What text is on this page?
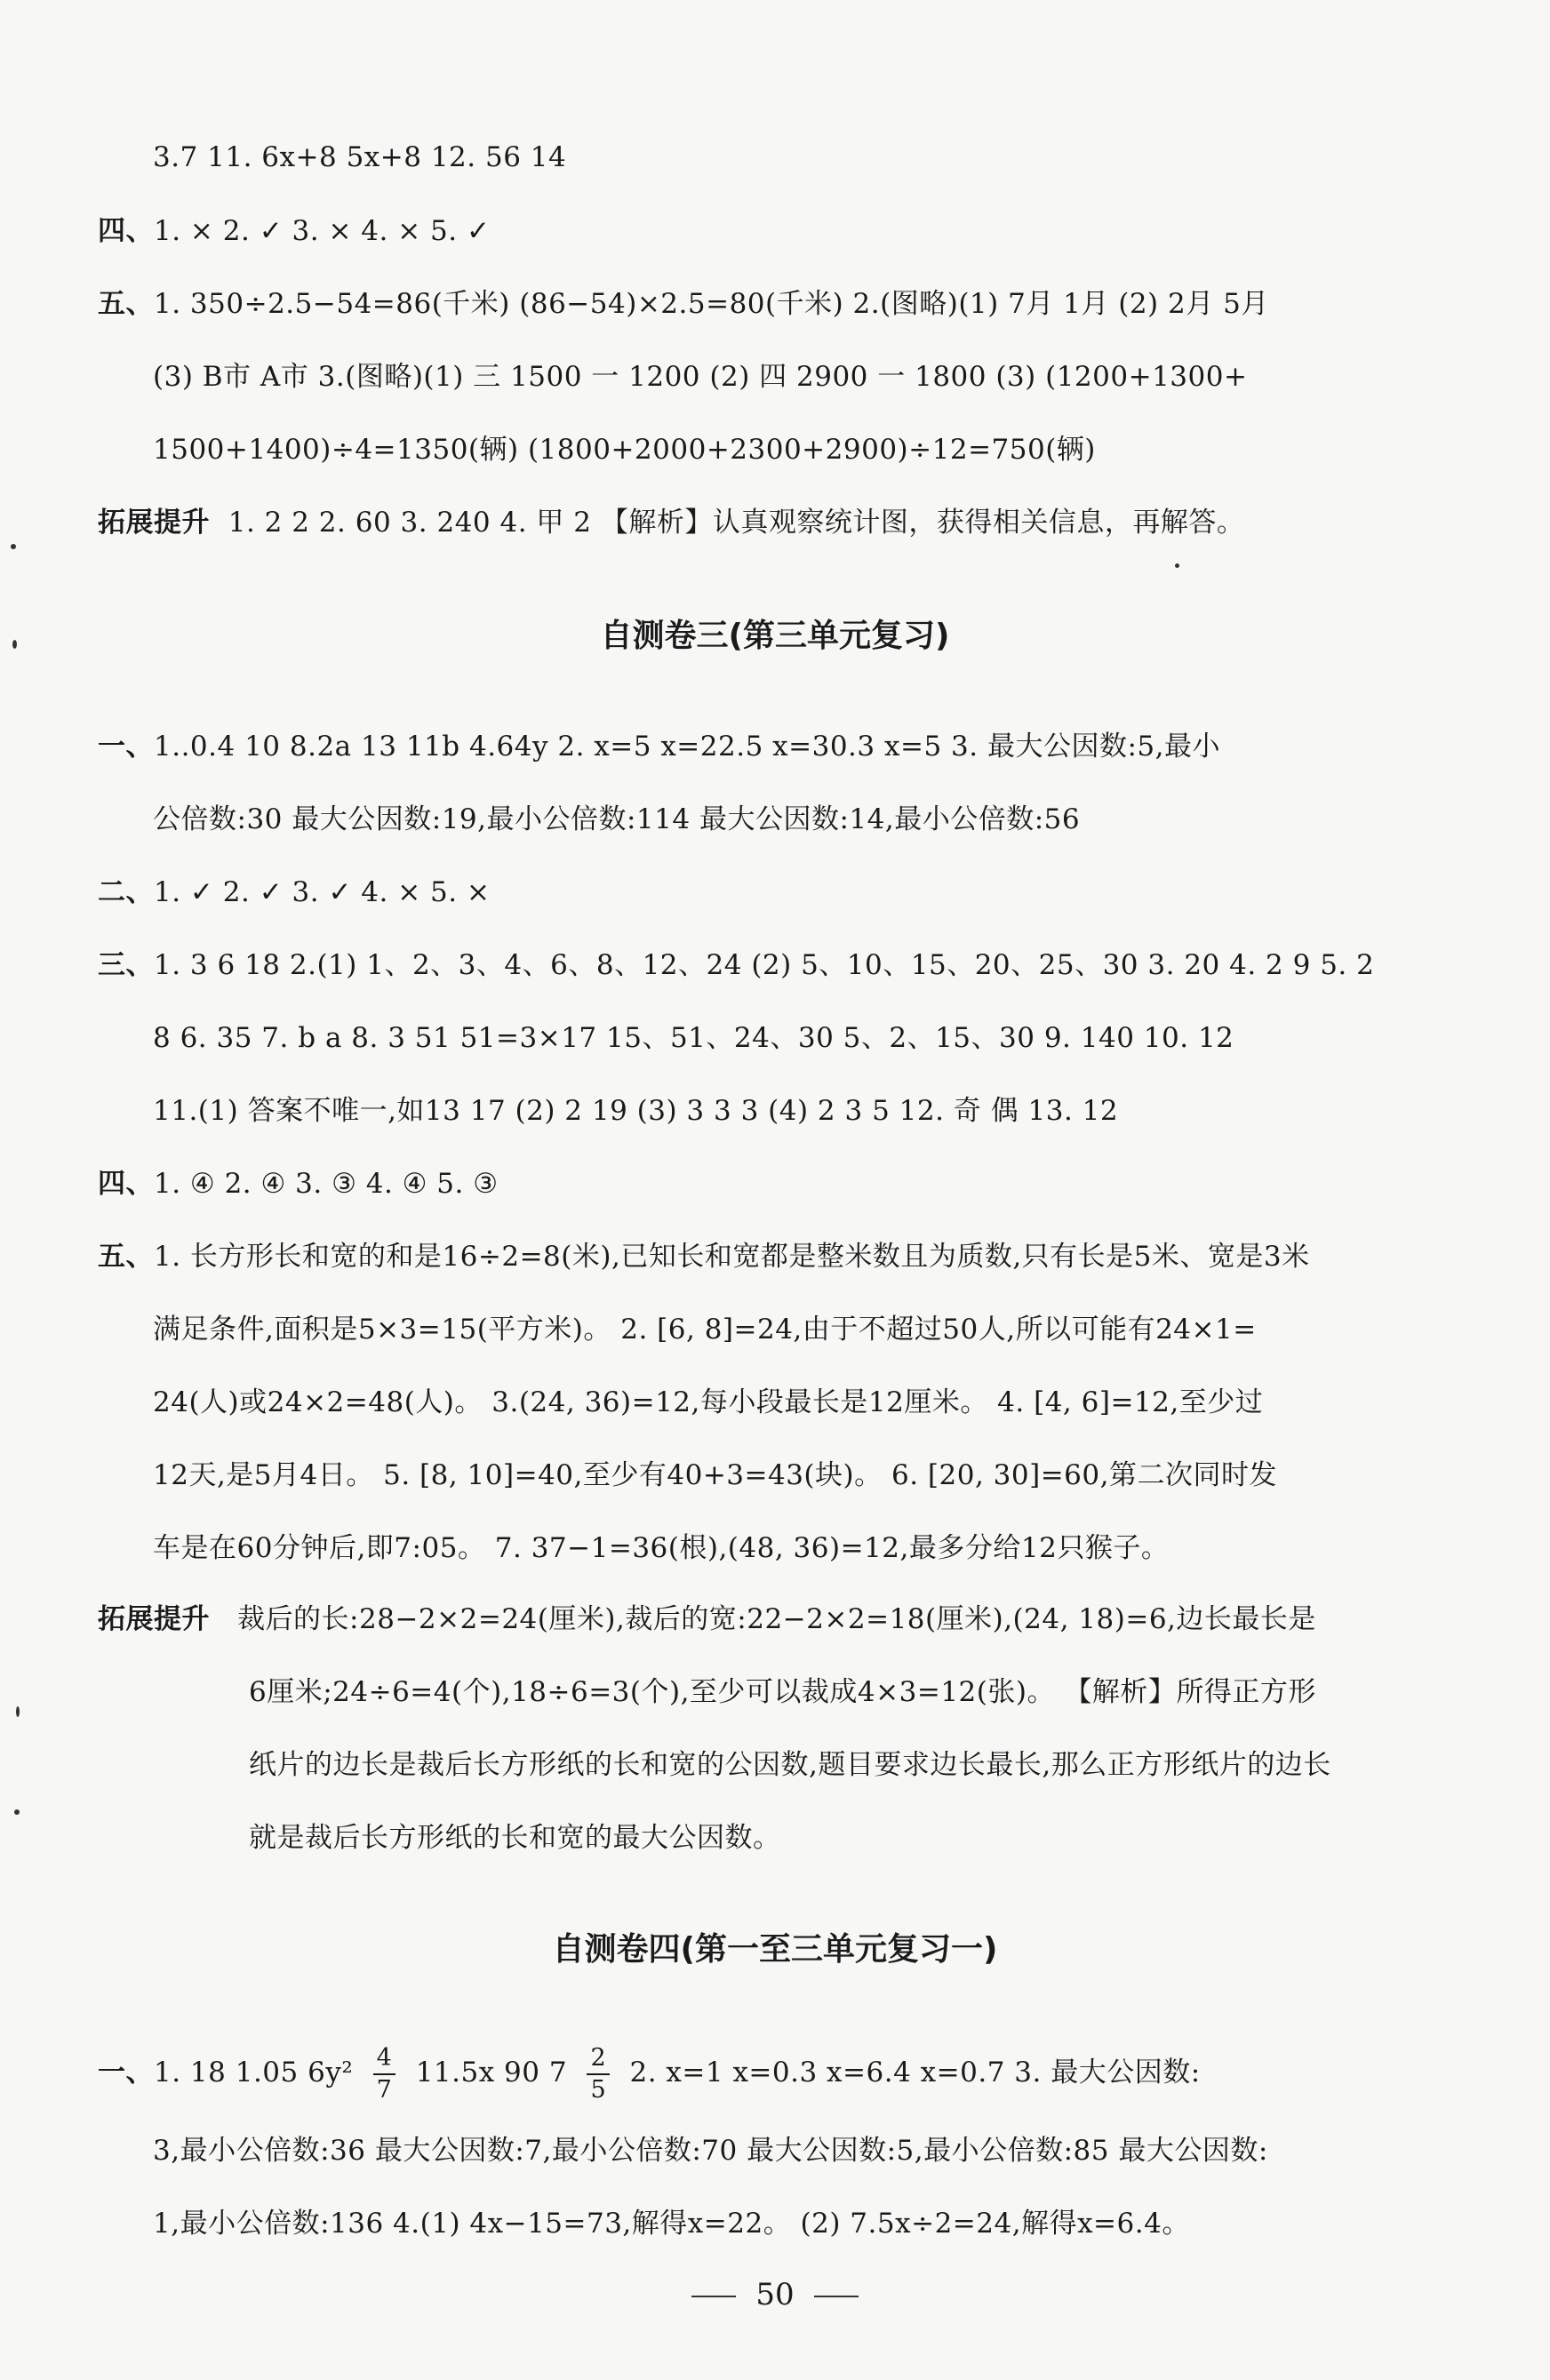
3.7 11. 6x+8 5x+8 12. 56 14
四、1. × 2. ✓ 3. × 4. × 5. ✓
五、1. 350÷2.5−54=86(千米) (86−54)×2.5=80(千米) 2.(图略)(1) 7月 1月 (2) 2月 5月
(3) B市 A市 3.(图略)(1) 三 1500 一 1200 (2) 四 2900 一 1800 (3) (1200+1300+
1500+1400)÷4=1350(辆) (1800+2000+2300+2900)÷12=750(辆)
拓展提升 1. 2 2 2. 60 3. 240 4. 甲 2 【解析】认真观察统计图，获得相关信息，再解答。
自测卷三(第三单元复习)
一、1..0.4 10 8.2a 13 11b 4.64y 2. x=5 x=22.5 x=30.3 x=5 3. 最大公因数:5,最小
公倍数:30 最大公因数:19,最小公倍数:114 最大公因数:14,最小公倍数:56
二、1. ✓ 2. ✓ 3. ✓ 4. × 5. ×
三、1. 3 6 18 2.(1) 1、2、3、4、6、8、12、24 (2) 5、10、15、20、25、30 3. 20 4. 2 9 5. 2
8 6. 35 7. b a 8. 3 51 51=3×17 15、51、24、30 5、2、15、30 9. 140 10. 12
11.(1) 答案不唯一,如13 17 (2) 2 19 (3) 3 3 3 (4) 2 3 5 12. 奇 偶 13. 12
四、1. ④ 2. ④ 3. ③ 4. ④ 5. ③
五、1. 长方形长和宽的和是16÷2=8(米),已知长和宽都是整米数且为质数,只有长是5米、宽是3米
满足条件,面积是5×3=15(平方米)。 2. [6, 8]=24,由于不超过50人,所以可能有24×1=
24(人)或24×2=48(人)。 3.(24, 36)=12,每小段最长是12厘米。 4. [4, 6]=12,至少过
12天,是5月4日。 5. [8, 10]=40,至少有40+3=43(块)。 6. [20, 30]=60,第二次同时发
车是在60分钟后,即7:05。 7. 37−1=36(根),(48, 36)=12,最多分给12只猴子。
拓展提升 裁后的长:28−2×2=24(厘米),裁后的宽:22−2×2=18(厘米),(24, 18)=6,边长最长是
6厘米;24÷6=4(个),18÷6=3(个),至少可以裁成4×3=12(张)。 【解析】所得正方形
纸片的边长是裁后长方形纸的长和宽的公因数,题目要求边长最长,那么正方形纸片的边长
就是裁后长方形纸的长和宽的最大公因数。
自测卷四(第一至三单元复习一)
一、1. 18 1.05 $6y^2 \frac{4}{7} 11.5x$ 90 $7 \frac{2}{5} 2$. x=1 x=0.3 x=6.4 x=0.7 3. 最大公因数:
3,最小公倍数:36 最大公因数:7,最小公倍数:70 最大公因数:5,最小公倍数:85 最大公因数:
1,最小公倍数:136 4.(1) 4x−15=73,解得x=22。 (2) 7.5x÷2=24,解得x=6.4。
50
